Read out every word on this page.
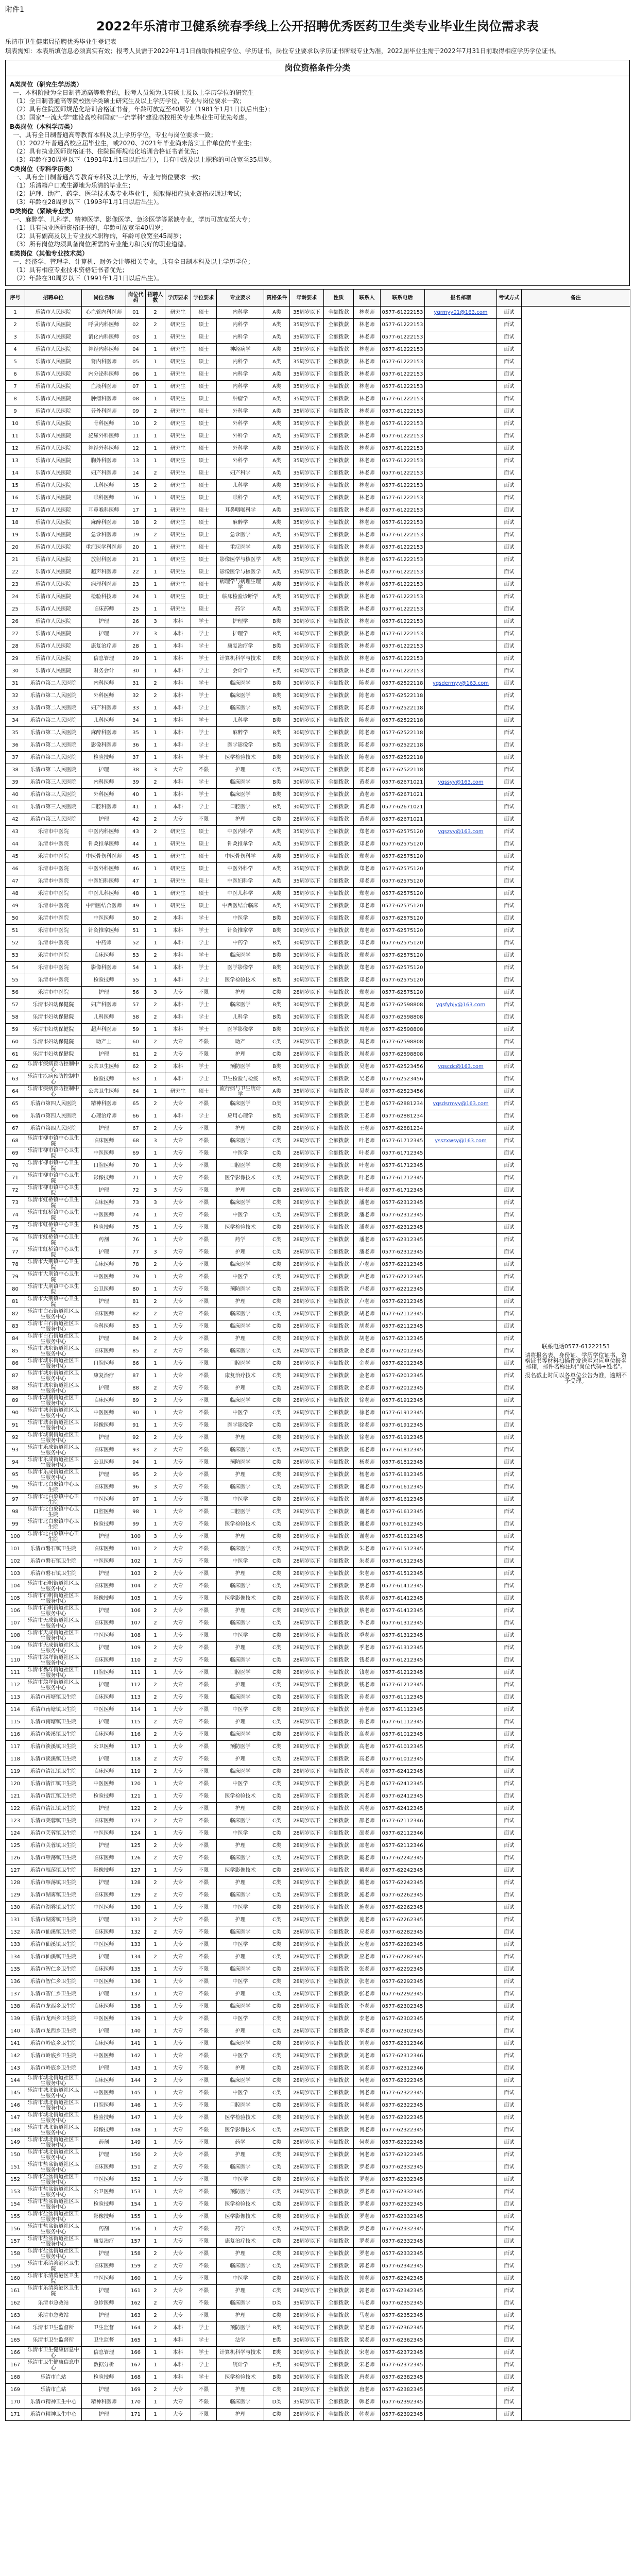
附件1
2022年乐清市卫健系统春季线上公开招聘优秀医药卫生类专业毕业生岗位需求表
乐清市卫生健康局招聘优秀毕业生登记表
填表需知：本表所填信息必须真实有效；报考人员需于2022年1月1日前取得相应学位、学历证书，岗位专业要求以学历证书所载专业为准，2022届毕业生需于2022年7月31日前取得相应学历学位证书。
岗位资格条件分类
A类岗位（研究生学历类）
一、本科阶段为全日制普通高等教育的，报考人员须为具有硕士及以上学历学位的研究生
（1）全日制普通高等院校医学类硕士研究生及以上学历学位，专业与岗位要求一致；
（2）具有住院医师规范化培训合格证书者，年龄可放宽至40周岁（1981年1月1日以后出生）；
（3）国家"一流大学"建设高校和国家"一流学科"建设高校相关专业毕业生可优先考虑。
B类岗位（本科学历类）
一、具有全日制普通高等教育本科及以上学历学位，专业与岗位要求一致；
（1）2022年普通高校应届毕业生，或2020、2021年毕业尚未落实工作单位的毕业生；
（2）具有执业医师资格证书、住院医师规范化培训合格证书者优先；
（3）年龄在30周岁以下（1991年1月1日以后出生），具有中级及以上职称的可放宽至35周岁。
C类岗位（专科学历类）
一、具有全日制普通高等教育专科及以上学历，专业与岗位要求一致；
（1）乐清籍户口或生源地为乐清的毕业生；
（2）护理、助产、药学、医学技术类专业毕业生，须取得相应执业资格或通过考试；
（3）年龄在28周岁以下（1993年1月1日以后出生）。
D类岗位（紧缺专业类）
一、麻醉学、儿科学、精神医学、影像医学、急诊医学等紧缺专业，学历可放宽至大专；
（1）具有执业医师资格证书的，年龄可放宽至40周岁；
（2）具有副高及以上专业技术职称的，年龄可放宽至45周岁；
（3）所有岗位均须具备岗位所需的专业能力和良好的职业道德。
E类岗位（其他专业技术类）
一、经济学、管理学、计算机、财务会计等相关专业，具有全日制本科及以上学历学位；
（1）具有相应专业技术资格证书者优先；
（2）年龄在30周岁以下（1991年1月1日以后出生）。
序号	招聘单位	岗位名称	岗位代码	招聘人数	学历要求	学位要求	专业要求	资格条件	年龄要求	性质	联系人	联系电话	报名邮箱	考试方式	备注
1	乐清市人民医院	心血管内科医师	01	2	研究生	硕士	内科学	A类	35周岁以下	全额拨款	林老师	0577-61222153	yqrmyy01@163.com	面试	联系电话0577-61222153
请将报名表、身份证、学历学位证书、资格证书等材料扫描件发送至对应单位报名邮箱，邮件名称注明"岗位代码+姓名"。
报名截止时间以各单位公告为准，逾期不予受理。

2	乐清市人民医院	呼吸内科医师	02	2	研究生	硕士	内科学	A类	35周岁以下	全额拨款	林老师	0577-61222153		面试	
3	乐清市人民医院	消化内科医师	03	1	研究生	硕士	内科学	A类	35周岁以下	全额拨款	林老师	0577-61222153		面试	
4	乐清市人民医院	神经内科医师	04	1	研究生	硕士	神经病学	A类	35周岁以下	全额拨款	林老师	0577-61222153		面试	
5	乐清市人民医院	肾内科医师	05	1	研究生	硕士	内科学	A类	35周岁以下	全额拨款	林老师	0577-61222153		面试	
6	乐清市人民医院	内分泌科医师	06	1	研究生	硕士	内科学	A类	35周岁以下	全额拨款	林老师	0577-61222153		面试	
7	乐清市人民医院	血液科医师	07	1	研究生	硕士	内科学	A类	35周岁以下	全额拨款	林老师	0577-61222153		面试	
8	乐清市人民医院	肿瘤科医师	08	1	研究生	硕士	肿瘤学	A类	35周岁以下	全额拨款	林老师	0577-61222153		面试	
9	乐清市人民医院	普外科医师	09	2	研究生	硕士	外科学	A类	35周岁以下	全额拨款	林老师	0577-61222153		面试	
10	乐清市人民医院	骨科医师	10	2	研究生	硕士	外科学	A类	35周岁以下	全额拨款	林老师	0577-61222153		面试	
11	乐清市人民医院	泌尿外科医师	11	1	研究生	硕士	外科学	A类	35周岁以下	全额拨款	林老师	0577-61222153		面试	
12	乐清市人民医院	神经外科医师	12	1	研究生	硕士	外科学	A类	35周岁以下	全额拨款	林老师	0577-61222153		面试	
13	乐清市人民医院	胸外科医师	13	1	研究生	硕士	外科学	A类	35周岁以下	全额拨款	林老师	0577-61222153		面试	
14	乐清市人民医院	妇产科医师	14	2	研究生	硕士	妇产科学	A类	35周岁以下	全额拨款	林老师	0577-61222153		面试	
15	乐清市人民医院	儿科医师	15	2	研究生	硕士	儿科学	A类	35周岁以下	全额拨款	林老师	0577-61222153		面试	
16	乐清市人民医院	眼科医师	16	1	研究生	硕士	眼科学	A类	35周岁以下	全额拨款	林老师	0577-61222153		面试	
17	乐清市人民医院	耳鼻喉科医师	17	1	研究生	硕士	耳鼻咽喉科学	A类	35周岁以下	全额拨款	林老师	0577-61222153		面试	
18	乐清市人民医院	麻醉科医师	18	2	研究生	硕士	麻醉学	A类	35周岁以下	全额拨款	林老师	0577-61222153		面试	
19	乐清市人民医院	急诊科医师	19	2	研究生	硕士	急诊医学	A类	35周岁以下	全额拨款	林老师	0577-61222153		面试	
20	乐清市人民医院	重症医学科医师	20	1	研究生	硕士	重症医学	A类	35周岁以下	全额拨款	林老师	0577-61222153		面试	
21	乐清市人民医院	放射科医师	21	1	研究生	硕士	影像医学与核医学	A类	35周岁以下	全额拨款	林老师	0577-61222153		面试	
22	乐清市人民医院	超声科医师	22	1	研究生	硕士	影像医学与核医学	A类	35周岁以下	全额拨款	林老师	0577-61222153		面试	
23	乐清市人民医院	病理科医师	23	1	研究生	硕士	病理学与病理生理学	A类	35周岁以下	全额拨款	林老师	0577-61222153		面试	
24	乐清市人民医院	检验科技师	24	1	研究生	硕士	临床检验诊断学	A类	35周岁以下	全额拨款	林老师	0577-61222153		面试	
25	乐清市人民医院	临床药师	25	1	研究生	硕士	药学	A类	35周岁以下	全额拨款	林老师	0577-61222153		面试	
26	乐清市人民医院	护理	26	3	本科	学士	护理学	B类	30周岁以下	全额拨款	林老师	0577-61222153		面试	
27	乐清市人民医院	护理	27	3	本科	学士	护理学	B类	30周岁以下	全额拨款	林老师	0577-61222153		面试	
28	乐清市人民医院	康复治疗师	28	1	本科	学士	康复治疗学	B类	30周岁以下	全额拨款	林老师	0577-61222153		面试	
29	乐清市人民医院	信息管理	29	1	本科	学士	计算机科学与技术	E类	30周岁以下	全额拨款	林老师	0577-61222153		面试	
30	乐清市人民医院	财务会计	30	1	本科	学士	会计学	E类	30周岁以下	全额拨款	林老师	0577-61222153		面试	
31	乐清市第二人民医院	内科医师	31	2	本科	学士	临床医学	B类	30周岁以下	全额拨款	陈老师	0577-62522118	yqsdermyy@163.com	面试	
32	乐清市第二人民医院	外科医师	32	2	本科	学士	临床医学	B类	30周岁以下	全额拨款	陈老师	0577-62522118		面试	
33	乐清市第二人民医院	妇产科医师	33	1	本科	学士	临床医学	B类	30周岁以下	全额拨款	陈老师	0577-62522118		面试	
34	乐清市第二人民医院	儿科医师	34	1	本科	学士	儿科学	B类	30周岁以下	全额拨款	陈老师	0577-62522118		面试	
35	乐清市第二人民医院	麻醉科医师	35	1	本科	学士	麻醉学	B类	30周岁以下	全额拨款	陈老师	0577-62522118		面试	
36	乐清市第二人民医院	影像科医师	36	1	本科	学士	医学影像学	B类	30周岁以下	全额拨款	陈老师	0577-62522118		面试	
37	乐清市第二人民医院	检验技师	37	1	本科	学士	医学检验技术	B类	30周岁以下	全额拨款	陈老师	0577-62522118		面试	
38	乐清市第二人民医院	护理	38	3	大专	不限	护理	C类	28周岁以下	全额拨款	陈老师	0577-62522118		面试	
39	乐清市第三人民医院	内科医师	39	2	本科	学士	临床医学	B类	30周岁以下	全额拨款	黄老师	0577-62671021	yqssyy@163.com	面试	
40	乐清市第三人民医院	外科医师	40	1	本科	学士	临床医学	B类	30周岁以下	全额拨款	黄老师	0577-62671021		面试	
41	乐清市第三人民医院	口腔科医师	41	1	本科	学士	口腔医学	B类	30周岁以下	全额拨款	黄老师	0577-62671021		面试	
42	乐清市第三人民医院	护理	42	2	大专	不限	护理	C类	28周岁以下	全额拨款	黄老师	0577-62671021		面试	
43	乐清市中医院	中医内科医师	43	2	研究生	硕士	中医内科学	A类	35周岁以下	全额拨款	郑老师	0577-62575120	yqszyy@163.com	面试	
44	乐清市中医院	针灸推拿医师	44	1	研究生	硕士	针灸推拿学	A类	35周岁以下	全额拨款	郑老师	0577-62575120		面试	
45	乐清市中医院	中医骨伤科医师	45	1	研究生	硕士	中医骨伤科学	A类	35周岁以下	全额拨款	郑老师	0577-62575120		面试	
46	乐清市中医院	中医外科医师	46	1	研究生	硕士	中医外科学	A类	35周岁以下	全额拨款	郑老师	0577-62575120		面试	
47	乐清市中医院	中医妇科医师	47	1	研究生	硕士	中医妇科学	A类	35周岁以下	全额拨款	郑老师	0577-62575120		面试	
48	乐清市中医院	中医儿科医师	48	1	研究生	硕士	中医儿科学	A类	35周岁以下	全额拨款	郑老师	0577-62575120		面试	
49	乐清市中医院	中西医结合医师	49	1	研究生	硕士	中西医结合临床	A类	35周岁以下	全额拨款	郑老师	0577-62575120		面试	
50	乐清市中医院	中医医师	50	2	本科	学士	中医学	B类	30周岁以下	全额拨款	郑老师	0577-62575120		面试	
51	乐清市中医院	针灸推拿医师	51	1	本科	学士	针灸推拿学	B类	30周岁以下	全额拨款	郑老师	0577-62575120		面试	
52	乐清市中医院	中药师	52	1	本科	学士	中药学	B类	30周岁以下	全额拨款	郑老师	0577-62575120		面试	
53	乐清市中医院	临床医师	53	2	本科	学士	临床医学	B类	30周岁以下	全额拨款	郑老师	0577-62575120		面试	
54	乐清市中医院	影像科医师	54	1	本科	学士	医学影像学	B类	30周岁以下	全额拨款	郑老师	0577-62575120		面试	
55	乐清市中医院	检验技师	55	1	本科	学士	医学检验技术	B类	30周岁以下	全额拨款	郑老师	0577-62575120		面试	
56	乐清市中医院	护理	56	3	大专	不限	护理	C类	28周岁以下	全额拨款	郑老师	0577-62575120		面试	
57	乐清市妇幼保健院	妇产科医师	57	2	本科	学士	临床医学	B类	30周岁以下	全额拨款	周老师	0577-62598808	yqsfybjy@163.com	面试	
58	乐清市妇幼保健院	儿科医师	58	2	本科	学士	儿科学	B类	30周岁以下	全额拨款	周老师	0577-62598808		面试	
59	乐清市妇幼保健院	超声科医师	59	1	本科	学士	医学影像学	B类	30周岁以下	全额拨款	周老师	0577-62598808		面试	
60	乐清市妇幼保健院	助产士	60	2	大专	不限	助产	C类	28周岁以下	全额拨款	周老师	0577-62598808		面试	
61	乐清市妇幼保健院	护理	61	2	大专	不限	护理	C类	28周岁以下	全额拨款	周老师	0577-62598808		面试	
62	乐清市疾病预防控制中心	公共卫生医师	62	2	本科	学士	预防医学	B类	30周岁以下	全额拨款	吴老师	0577-62523456	yqscdc@163.com	面试	
63	乐清市疾病预防控制中心	检验技师	63	1	本科	学士	卫生检验与检疫	B类	30周岁以下	全额拨款	吴老师	0577-62523456		面试	
64	乐清市疾病预防控制中心	公共卫生医师	64	1	研究生	硕士	流行病与卫生统计学	A类	35周岁以下	全额拨款	吴老师	0577-62523456		面试	
65	乐清市第四人民医院	精神科医师	65	2	大专	不限	临床医学	D类	35周岁以下	全额拨款	王老师	0577-62881234	yqsdsrmyy@163.com	面试	
66	乐清市第四人民医院	心理治疗师	66	1	本科	学士	应用心理学	B类	30周岁以下	全额拨款	王老师	0577-62881234		面试	
67	乐清市第四人民医院	护理	67	2	大专	不限	护理	C类	28周岁以下	全额拨款	王老师	0577-62881234		面试	
68	乐清市柳市镇中心卫生院	临床医师	68	3	大专	不限	临床医学	C类	28周岁以下	全额拨款	叶老师	0577-61712345	ysszxwsy@163.com	面试	
69	乐清市柳市镇中心卫生院	中医医师	69	1	大专	不限	中医学	C类	28周岁以下	全额拨款	叶老师	0577-61712345		面试	
70	乐清市柳市镇中心卫生院	口腔医师	70	1	大专	不限	口腔医学	C类	28周岁以下	全额拨款	叶老师	0577-61712345		面试	
71	乐清市柳市镇中心卫生院	影像技师	71	1	大专	不限	医学影像技术	C类	28周岁以下	全额拨款	叶老师	0577-61712345		面试	
72	乐清市柳市镇中心卫生院	护理	72	3	大专	不限	护理	C类	28周岁以下	全额拨款	叶老师	0577-61712345		面试	
73	乐清市虹桥镇中心卫生院	临床医师	73	3	大专	不限	临床医学	C类	28周岁以下	全额拨款	潘老师	0577-62312345		面试	
74	乐清市虹桥镇中心卫生院	中医医师	74	1	大专	不限	中医学	C类	28周岁以下	全额拨款	潘老师	0577-62312345		面试	
75	乐清市虹桥镇中心卫生院	检验技师	75	1	大专	不限	医学检验技术	C类	28周岁以下	全额拨款	潘老师	0577-62312345		面试	
76	乐清市虹桥镇中心卫生院	药剂	76	1	大专	不限	药学	C类	28周岁以下	全额拨款	潘老师	0577-62312345		面试	
77	乐清市虹桥镇中心卫生院	护理	77	3	大专	不限	护理	C类	28周岁以下	全额拨款	潘老师	0577-62312345		面试	
78	乐清市大荆镇中心卫生院	临床医师	78	2	大专	不限	临床医学	C类	28周岁以下	全额拨款	卢老师	0577-62212345		面试	
79	乐清市大荆镇中心卫生院	中医医师	79	1	大专	不限	中医学	C类	28周岁以下	全额拨款	卢老师	0577-62212345		面试	
80	乐清市大荆镇中心卫生院	公卫医师	80	1	大专	不限	预防医学	C类	28周岁以下	全额拨款	卢老师	0577-62212345		面试	
81	乐清市大荆镇中心卫生院	护理	81	2	大专	不限	护理	C类	28周岁以下	全额拨款	卢老师	0577-62212345		面试	
82	乐清市白石街道社区卫生服务中心	临床医师	82	2	大专	不限	临床医学	C类	28周岁以下	全额拨款	胡老师	0577-62112345		面试	
83	乐清市白石街道社区卫生服务中心	全科医师	83	1	大专	不限	临床医学	C类	28周岁以下	全额拨款	胡老师	0577-62112345		面试	
84	乐清市白石街道社区卫生服务中心	护理	84	2	大专	不限	护理	C类	28周岁以下	全额拨款	胡老师	0577-62112345		面试	
85	乐清市城东街道社区卫生服务中心	临床医师	85	2	大专	不限	临床医学	C类	28周岁以下	全额拨款	金老师	0577-62012345		面试	
86	乐清市城东街道社区卫生服务中心	口腔医师	86	1	大专	不限	口腔医学	C类	28周岁以下	全额拨款	金老师	0577-62012345		面试	
87	乐清市城东街道社区卫生服务中心	康复治疗	87	1	大专	不限	康复治疗技术	C类	28周岁以下	全额拨款	金老师	0577-62012345		面试	
88	乐清市城东街道社区卫生服务中心	护理	88	2	大专	不限	护理	C类	28周岁以下	全额拨款	金老师	0577-62012345		面试	
89	乐清市城南街道社区卫生服务中心	临床医师	89	2	大专	不限	临床医学	C类	28周岁以下	全额拨款	徐老师	0577-61912345		面试	
90	乐清市城南街道社区卫生服务中心	中医医师	90	1	大专	不限	中医学	C类	28周岁以下	全额拨款	徐老师	0577-61912345		面试	
91	乐清市城南街道社区卫生服务中心	影像医师	91	1	大专	不限	医学影像学	C类	28周岁以下	全额拨款	徐老师	0577-61912345		面试	
92	乐清市城南街道社区卫生服务中心	护理	92	2	大专	不限	护理	C类	28周岁以下	全额拨款	徐老师	0577-61912345		面试	
93	乐清市乐成街道社区卫生服务中心	临床医师	93	2	大专	不限	临床医学	C类	28周岁以下	全额拨款	杨老师	0577-61812345		面试	
94	乐清市乐成街道社区卫生服务中心	公卫医师	94	1	大专	不限	预防医学	C类	28周岁以下	全额拨款	杨老师	0577-61812345		面试	
95	乐清市乐成街道社区卫生服务中心	护理	95	2	大专	不限	护理	C类	28周岁以下	全额拨款	杨老师	0577-61812345		面试	
96	乐清市北白象镇中心卫生院	临床医师	96	3	大专	不限	临床医学	C类	28周岁以下	全额拨款	谢老师	0577-61612345		面试	
97	乐清市北白象镇中心卫生院	中医医师	97	1	大专	不限	中医学	C类	28周岁以下	全额拨款	谢老师	0577-61612345		面试	
98	乐清市北白象镇中心卫生院	口腔医师	98	1	大专	不限	口腔医学	C类	28周岁以下	全额拨款	谢老师	0577-61612345		面试	
99	乐清市北白象镇中心卫生院	检验技师	99	1	大专	不限	医学检验技术	C类	28周岁以下	全额拨款	谢老师	0577-61612345		面试	
100	乐清市北白象镇中心卫生院	护理	100	3	大专	不限	护理	C类	28周岁以下	全额拨款	谢老师	0577-61612345		面试	
101	乐清市磐石镇卫生院	临床医师	101	2	大专	不限	临床医学	C类	28周岁以下	全额拨款	朱老师	0577-61512345		面试	
102	乐清市磐石镇卫生院	中医医师	102	1	大专	不限	中医学	C类	28周岁以下	全额拨款	朱老师	0577-61512345		面试	
103	乐清市磐石镇卫生院	护理	103	2	大专	不限	护理	C类	28周岁以下	全额拨款	朱老师	0577-61512345		面试	
104	乐清市石帆街道社区卫生服务中心	临床医师	104	2	大专	不限	临床医学	C类	28周岁以下	全额拨款	蔡老师	0577-61412345		面试	
105	乐清市石帆街道社区卫生服务中心	影像技师	105	1	大专	不限	医学影像技术	C类	28周岁以下	全额拨款	蔡老师	0577-61412345		面试	
106	乐清市石帆街道社区卫生服务中心	护理	106	2	大专	不限	护理	C类	28周岁以下	全额拨款	蔡老师	0577-61412345		面试	
107	乐清市天成街道社区卫生服务中心	临床医师	107	2	大专	不限	临床医学	C类	28周岁以下	全额拨款	季老师	0577-61312345		面试	
108	乐清市天成街道社区卫生服务中心	中医医师	108	1	大专	不限	中医学	C类	28周岁以下	全额拨款	季老师	0577-61312345		面试	
109	乐清市天成街道社区卫生服务中心	护理	109	2	大专	不限	护理	C类	28周岁以下	全额拨款	季老师	0577-61312345		面试	
110	乐清市翁垟街道社区卫生服务中心	临床医师	110	2	大专	不限	临床医学	C类	28周岁以下	全额拨款	钱老师	0577-61212345		面试	
111	乐清市翁垟街道社区卫生服务中心	口腔医师	111	1	大专	不限	口腔医学	C类	28周岁以下	全额拨款	钱老师	0577-61212345		面试	
112	乐清市翁垟街道社区卫生服务中心	护理	112	2	大专	不限	护理	C类	28周岁以下	全额拨款	钱老师	0577-61212345		面试	
113	乐清市南塘镇卫生院	临床医师	113	2	大专	不限	临床医学	C类	28周岁以下	全额拨款	孙老师	0577-61112345		面试	
114	乐清市南塘镇卫生院	中医医师	114	1	大专	不限	中医学	C类	28周岁以下	全额拨款	孙老师	0577-61112345		面试	
115	乐清市南塘镇卫生院	护理	115	2	大专	不限	护理	C类	28周岁以下	全额拨款	孙老师	0577-61112345		面试	
116	乐清市淡溪镇卫生院	临床医师	116	2	大专	不限	临床医学	C类	28周岁以下	全额拨款	高老师	0577-61012345		面试	
117	乐清市淡溪镇卫生院	公卫医师	117	1	大专	不限	预防医学	C类	28周岁以下	全额拨款	高老师	0577-61012345		面试	
118	乐清市淡溪镇卫生院	护理	118	2	大专	不限	护理	C类	28周岁以下	全额拨款	高老师	0577-61012345		面试	
119	乐清市清江镇卫生院	临床医师	119	2	大专	不限	临床医学	C类	28周岁以下	全额拨款	冯老师	0577-62412345		面试	
120	乐清市清江镇卫生院	中医医师	120	1	大专	不限	中医学	C类	28周岁以下	全额拨款	冯老师	0577-62412345		面试	
121	乐清市清江镇卫生院	检验技师	121	1	大专	不限	医学检验技术	C类	28周岁以下	全额拨款	冯老师	0577-62412345		面试	
122	乐清市清江镇卫生院	护理	122	2	大专	不限	护理	C类	28周岁以下	全额拨款	冯老师	0577-62412345		面试	
123	乐清市芙蓉镇卫生院	临床医师	123	2	大专	不限	临床医学	C类	28周岁以下	全额拨款	邵老师	0577-62112346		面试	
124	乐清市芙蓉镇卫生院	中医医师	124	1	大专	不限	中医学	C类	28周岁以下	全额拨款	邵老师	0577-62112346		面试	
125	乐清市芙蓉镇卫生院	护理	125	2	大专	不限	护理	C类	28周岁以下	全额拨款	邵老师	0577-62112346		面试	
126	乐清市雁荡镇卫生院	临床医师	126	2	大专	不限	临床医学	C类	28周岁以下	全额拨款	戴老师	0577-62242345		面试	
127	乐清市雁荡镇卫生院	影像技师	127	1	大专	不限	医学影像技术	C类	28周岁以下	全额拨款	戴老师	0577-62242345		面试	
128	乐清市雁荡镇卫生院	护理	128	2	大专	不限	护理	C类	28周岁以下	全额拨款	戴老师	0577-62242345		面试	
129	乐清市湖雾镇卫生院	临床医师	129	2	大专	不限	临床医学	C类	28周岁以下	全额拨款	施老师	0577-62262345		面试	
130	乐清市湖雾镇卫生院	中医医师	130	1	大专	不限	中医学	C类	28周岁以下	全额拨款	施老师	0577-62262345		面试	
131	乐清市湖雾镇卫生院	护理	131	2	大专	不限	护理	C类	28周岁以下	全额拨款	施老师	0577-62262345		面试	
132	乐清市仙溪镇卫生院	临床医师	132	2	大专	不限	临床医学	C类	28周岁以下	全额拨款	应老师	0577-62282345		面试	
133	乐清市仙溪镇卫生院	中医医师	133	1	大专	不限	中医学	C类	28周岁以下	全额拨款	应老师	0577-62282345		面试	
134	乐清市仙溪镇卫生院	护理	134	2	大专	不限	护理	C类	28周岁以下	全额拨款	应老师	0577-62282345		面试	
135	乐清市智仁乡卫生院	临床医师	135	1	大专	不限	临床医学	C类	28周岁以下	全额拨款	张老师	0577-62292345		面试	
136	乐清市智仁乡卫生院	中医医师	136	1	大专	不限	中医学	C类	28周岁以下	全额拨款	张老师	0577-62292345		面试	
137	乐清市智仁乡卫生院	护理	137	1	大专	不限	护理	C类	28周岁以下	全额拨款	张老师	0577-62292345		面试	
138	乐清市龙西乡卫生院	临床医师	138	1	大专	不限	临床医学	C类	28周岁以下	全额拨款	李老师	0577-62302345		面试	
139	乐清市龙西乡卫生院	中医医师	139	1	大专	不限	中医学	C类	28周岁以下	全额拨款	李老师	0577-62302345		面试	
140	乐清市龙西乡卫生院	护理	140	1	大专	不限	护理	C类	28周岁以下	全额拨款	李老师	0577-62302345		面试	
141	乐清市岭底乡卫生院	临床医师	141	1	大专	不限	临床医学	C类	28周岁以下	全额拨款	刘老师	0577-62312346		面试	
142	乐清市岭底乡卫生院	中医医师	142	1	大专	不限	中医学	C类	28周岁以下	全额拨款	刘老师	0577-62312346		面试	
143	乐清市岭底乡卫生院	护理	143	1	大专	不限	护理	C类	28周岁以下	全额拨款	刘老师	0577-62312346		面试	
144	乐清市城北街道社区卫生服务中心	临床医师	144	2	大专	不限	临床医学	C类	28周岁以下	全额拨款	何老师	0577-62322345		面试	
145	乐清市城北街道社区卫生服务中心	中医医师	145	1	大专	不限	中医学	C类	28周岁以下	全额拨款	何老师	0577-62322345		面试	
146	乐清市城北街道社区卫生服务中心	口腔医师	146	1	大专	不限	口腔医学	C类	28周岁以下	全额拨款	何老师	0577-62322345		面试	
147	乐清市城北街道社区卫生服务中心	检验技师	147	1	大专	不限	医学检验技术	C类	28周岁以下	全额拨款	何老师	0577-62322345		面试	
148	乐清市城北街道社区卫生服务中心	影像技师	148	1	大专	不限	医学影像技术	C类	28周岁以下	全额拨款	何老师	0577-62322345		面试	
149	乐清市城北街道社区卫生服务中心	药剂	149	1	大专	不限	药学	C类	28周岁以下	全额拨款	何老师	0577-62322345		面试	
150	乐清市城北街道社区卫生服务中心	护理	150	2	大专	不限	护理	C类	28周岁以下	全额拨款	何老师	0577-62322345		面试	
151	乐清市盐盆街道社区卫生服务中心	临床医师	151	2	大专	不限	临床医学	C类	28周岁以下	全额拨款	罗老师	0577-62332345		面试	
152	乐清市盐盆街道社区卫生服务中心	中医医师	152	1	大专	不限	中医学	C类	28周岁以下	全额拨款	罗老师	0577-62332345		面试	
153	乐清市盐盆街道社区卫生服务中心	公卫医师	153	1	大专	不限	预防医学	C类	28周岁以下	全额拨款	罗老师	0577-62332345		面试	
154	乐清市盐盆街道社区卫生服务中心	检验技师	154	1	大专	不限	医学检验技术	C类	28周岁以下	全额拨款	罗老师	0577-62332345		面试	
155	乐清市盐盆街道社区卫生服务中心	影像技师	155	1	大专	不限	医学影像技术	C类	28周岁以下	全额拨款	罗老师	0577-62332345		面试	
156	乐清市盐盆街道社区卫生服务中心	药剂	156	1	大专	不限	药学	C类	28周岁以下	全额拨款	罗老师	0577-62332345		面试	
157	乐清市盐盆街道社区卫生服务中心	康复治疗	157	1	大专	不限	康复治疗技术	C类	28周岁以下	全额拨款	罗老师	0577-62332345		面试	
158	乐清市盐盆街道社区卫生服务中心	护理	158	2	大专	不限	护理	C类	28周岁以下	全额拨款	罗老师	0577-62332345		面试	
159	乐清市乐清湾港区卫生院	临床医师	159	2	大专	不限	临床医学	C类	28周岁以下	全额拨款	郭老师	0577-62342345		面试	
160	乐清市乐清湾港区卫生院	中医医师	160	1	大专	不限	中医学	C类	28周岁以下	全额拨款	郭老师	0577-62342345		面试	
161	乐清市乐清湾港区卫生院	护理	161	2	大专	不限	护理	C类	28周岁以下	全额拨款	郭老师	0577-62342345		面试	
162	乐清市急救站	急诊医师	162	2	大专	不限	临床医学	D类	35周岁以下	全额拨款	马老师	0577-62352345		面试	
163	乐清市急救站	护理	163	2	大专	不限	护理	C类	28周岁以下	全额拨款	马老师	0577-62352345		面试	
164	乐清市卫生监督所	卫生监督	164	2	本科	学士	预防医学	B类	30周岁以下	全额拨款	梁老师	0577-62362345		面试	
165	乐清市卫生监督所	卫生监督	165	1	本科	学士	法学	E类	30周岁以下	全额拨款	梁老师	0577-62362345		面试	
166	乐清市卫生健康信息中心	信息管理	166	1	本科	学士	计算机科学与技术	E类	30周岁以下	全额拨款	宋老师	0577-62372345		面试	
167	乐清市卫生健康信息中心	数据分析	167	1	本科	学士	统计学	E类	30周岁以下	全额拨款	宋老师	0577-62372345		面试	
168	乐清市血站	检验技师	168	1	本科	学士	医学检验技术	B类	30周岁以下	全额拨款	唐老师	0577-62382345		面试	
169	乐清市血站	护理	169	2	大专	不限	护理	C类	28周岁以下	全额拨款	唐老师	0577-62382345		面试	
170	乐清市精神卫生中心	精神科医师	170	1	大专	不限	临床医学	D类	35周岁以下	全额拨款	韩老师	0577-62392345		面试	
171	乐清市精神卫生中心	护理	171	1	大专	不限	护理	C类	28周岁以下	全额拨款	韩老师	0577-62392345		面试	
